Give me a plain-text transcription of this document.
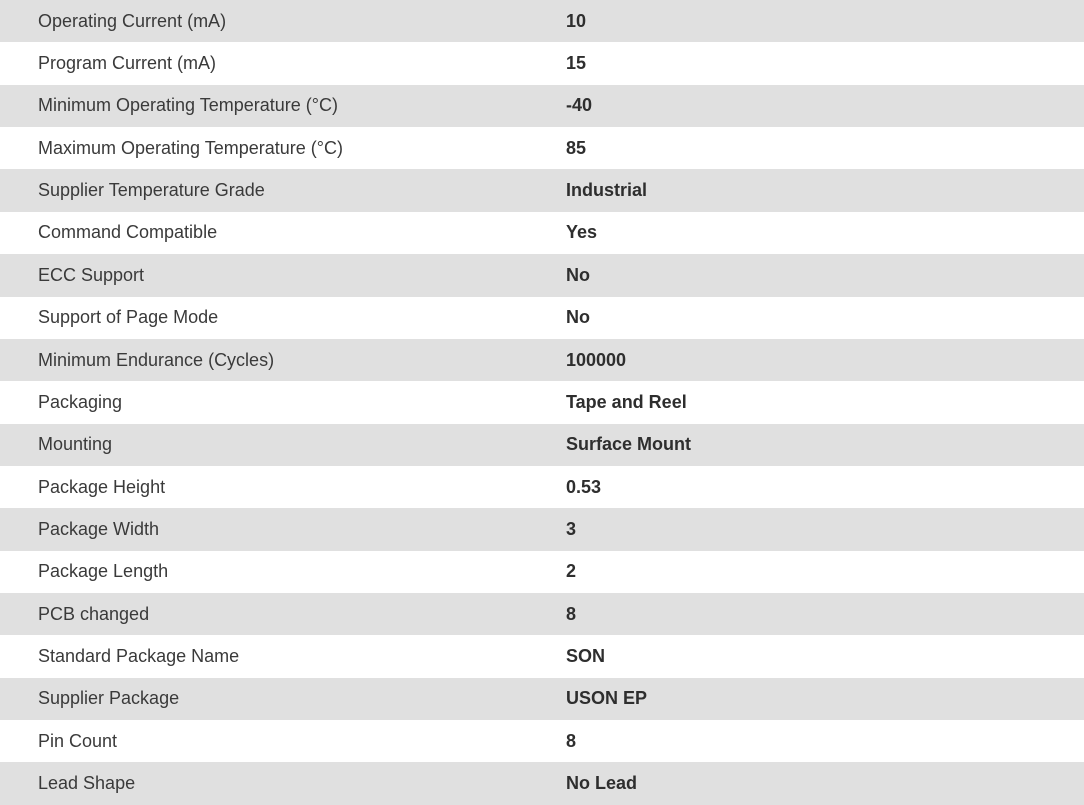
Operating Current (mA)	10
Program Current (mA)	15
Minimum Operating Temperature (°C)	-40
Maximum Operating Temperature (°C)	85
Supplier Temperature Grade	Industrial
Command Compatible	Yes
ECC Support	No
Support of Page Mode	No
Minimum Endurance (Cycles)	100000
Packaging	Tape and Reel
Mounting	Surface Mount
Package Height	0.53
Package Width	3
Package Length	2
PCB changed	8
Standard Package Name	SON
Supplier Package	USON EP
Pin Count	8
Lead Shape	No Lead
